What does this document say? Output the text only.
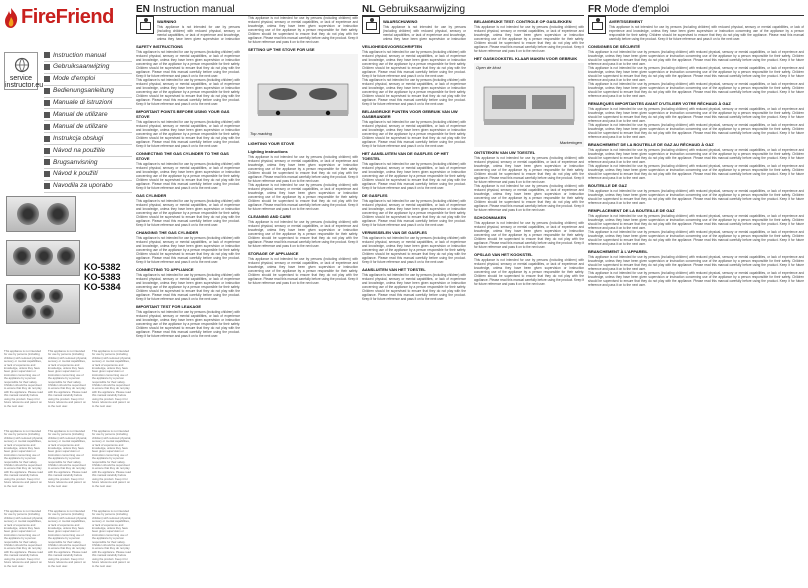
FireFriend
service instructor.eu
Instruction manual
Gebruiksaanwijzing
Mode d'emploi
Bedienungsanleitung
Manuale di istruzioni
Manual de utilizare
Manual de utilizare
Instrukcja obsługi
Návod na použitie
Brugsanvisning
Návod k použití
Navodila za uporabo
KO-5382
KO-5383
KO-5384
This appliance is not intended for use by persons (including children) with reduced physical, sensory or mental capabilities, or lack of experience and knowledge, unless they have been given supervision or instruction concerning use of the appliance by a person responsible for their safety. Children should be supervised to ensure that they do not play with the appliance. Please read this manual carefully before using the product. Keep it for future reference and pass it on to the next user.
This appliance is not intended for use by persons (including children) with reduced physical, sensory or mental capabilities, or lack of experience and knowledge, unless they have been given supervision or instruction concerning use of the appliance by a person responsible for their safety. Children should be supervised to ensure that they do not play with the appliance. Please read this manual carefully before using the product. Keep it for future reference and pass it on to the next user.
This appliance is not intended for use by persons (including children) with reduced physical, sensory or mental capabilities, or lack of experience and knowledge, unless they have been given supervision or instruction concerning use of the appliance by a person responsible for their safety. Children should be supervised to ensure that they do not play with the appliance. Please read this manual carefully before using the product. Keep it for future reference and pass it on to the next user.
This appliance is not intended for use by persons (including children) with reduced physical, sensory or mental capabilities, or lack of experience and knowledge, unless they have been given supervision or instruction concerning use of the appliance by a person responsible for their safety. Children should be supervised to ensure that they do not play with the appliance. Please read this manual carefully before using the product. Keep it for future reference and pass it on to the next user.
This appliance is not intended for use by persons (including children) with reduced physical, sensory or mental capabilities, or lack of experience and knowledge, unless they have been given supervision or instruction concerning use of the appliance by a person responsible for their safety. Children should be supervised to ensure that they do not play with the appliance. Please read this manual carefully before using the product. Keep it for future reference and pass it on to the next user.
This appliance is not intended for use by persons (including children) with reduced physical, sensory or mental capabilities, or lack of experience and knowledge, unless they have been given supervision or instruction concerning use of the appliance by a person responsible for their safety. Children should be supervised to ensure that they do not play with the appliance. Please read this manual carefully before using the product. Keep it for future reference and pass it on to the next user.
This appliance is not intended for use by persons (including children) with reduced physical, sensory or mental capabilities, or lack of experience and knowledge, unless they have been given supervision or instruction concerning use of the appliance by a person responsible for their safety. Children should be supervised to ensure that they do not play with the appliance. Please read this manual carefully before using the product. Keep it for future reference and pass it on to the next user.
This appliance is not intended for use by persons (including children) with reduced physical, sensory or mental capabilities, or lack of experience and knowledge, unless they have been given supervision or instruction concerning use of the appliance by a person responsible for their safety. Children should be supervised to ensure that they do not play with the appliance. Please read this manual carefully before using the product. Keep it for future reference and pass it on to the next user.
This appliance is not intended for use by persons (including children) with reduced physical, sensory or mental capabilities, or lack of experience and knowledge, unless they have been given supervision or instruction concerning use of the appliance by a person responsible for their safety. Children should be supervised to ensure that they do not play with the appliance. Please read this manual carefully before using the product. Keep it for future reference and pass it on to the next user.
EN Instruction manual
WARNING
This appliance is not intended for use by persons (including children) with reduced physical, sensory or mental capabilities, or lack of experience and knowledge, unless they have been given supervision or instruction
SAFETY INSTRUCTIONS
This appliance is not intended for use by persons (including children) with reduced physical, sensory or mental capabilities, or lack of experience and knowledge, unless they have been given supervision or instruction concerning use of the appliance by a person responsible for their safety. Children should be supervised to ensure that they do not play with the appliance. Please read this manual carefully before using the product. Keep it for future reference and pass it on to the next user.
This appliance is not intended for use by persons (including children) with reduced physical, sensory or mental capabilities, or lack of experience and knowledge, unless they have been given supervision or instruction concerning use of the appliance by a person responsible for their safety. Children should be supervised to ensure that they do not play with the appliance. Please read this manual carefully before using the product. Keep it for future reference and pass it on to the next user.
IMPORTANT POINTS BEFORE USING YOUR GAS STOVE
This appliance is not intended for use by persons (including children) with reduced physical, sensory or mental capabilities, or lack of experience and knowledge, unless they have been given supervision or instruction concerning use of the appliance by a person responsible for their safety. Children should be supervised to ensure that they do not play with the appliance. Please read this manual carefully before using the product. Keep it for future reference and pass it on to the next user.
CONNECTING THE GAS CYLINDER TO THE GAS STOVE
This appliance is not intended for use by persons (including children) with reduced physical, sensory or mental capabilities, or lack of experience and knowledge, unless they have been given supervision or instruction concerning use of the appliance by a person responsible for their safety. Children should be supervised to ensure that they do not play with the appliance. Please read this manual carefully before using the product. Keep it for future reference and pass it on to the next user.
GAS CYLINDER
This appliance is not intended for use by persons (including children) with reduced physical, sensory or mental capabilities, or lack of experience and knowledge, unless they have been given supervision or instruction concerning use of the appliance by a person responsible for their safety. Children should be supervised to ensure that they do not play with the appliance. Please read this manual carefully before using the product. Keep it for future reference and pass it on to the next user.
CHANGING THE GAS CYLINDER
This appliance is not intended for use by persons (including children) with reduced physical, sensory or mental capabilities, or lack of experience and knowledge, unless they have been given supervision or instruction concerning use of the appliance by a person responsible for their safety. Children should be supervised to ensure that they do not play with the appliance. Please read this manual carefully before using the product. Keep it for future reference and pass it on to the next user.
CONNECTING TO APPLIANCE
This appliance is not intended for use by persons (including children) with reduced physical, sensory or mental capabilities, or lack of experience and knowledge, unless they have been given supervision or instruction concerning use of the appliance by a person responsible for their safety. Children should be supervised to ensure that they do not play with the appliance. Please read this manual carefully before using the product. Keep it for future reference and pass it on to the next user.
IMPORTANT TEST FOR LEAKAGE
This appliance is not intended for use by persons (including children) with reduced physical, sensory or mental capabilities, or lack of experience and knowledge, unless they have been given supervision or instruction concerning use of the appliance by a person responsible for their safety. Children should be supervised to ensure that they do not play with the appliance. Please read this manual carefully before using the product. Keep it for future reference and pass it on to the next user.
This appliance is not intended for use by persons (including children) with reduced physical, sensory or mental capabilities, or lack of experience and knowledge, unless they have been given supervision or instruction concerning use of the appliance by a person responsible for their safety. Children should be supervised to ensure that they do not play with the appliance. Please read this manual carefully before using the product. Keep it for future reference and pass it on to the next user.
SETTING UP THE STOVE FOR USE
Top marking
LIGHTING YOUR STOVE
Lighting instructions
This appliance is not intended for use by persons (including children) with reduced physical, sensory or mental capabilities, or lack of experience and knowledge, unless they have been given supervision or instruction concerning use of the appliance by a person responsible for their safety. Children should be supervised to ensure that they do not play with the appliance. Please read this manual carefully before using the product. Keep it for future reference and pass it on to the next user.
This appliance is not intended for use by persons (including children) with reduced physical, sensory or mental capabilities, or lack of experience and knowledge, unless they have been given supervision or instruction concerning use of the appliance by a person responsible for their safety. Children should be supervised to ensure that they do not play with the appliance. Please read this manual carefully before using the product. Keep it for future reference and pass it on to the next user.
CLEANING AND CARE
This appliance is not intended for use by persons (including children) with reduced physical, sensory or mental capabilities, or lack of experience and knowledge, unless they have been given supervision or instruction concerning use of the appliance by a person responsible for their safety. Children should be supervised to ensure that they do not play with the appliance. Please read this manual carefully before using the product. Keep it for future reference and pass it on to the next user.
STORAGE OF APPLIANCE
This appliance is not intended for use by persons (including children) with reduced physical, sensory or mental capabilities, or lack of experience and knowledge, unless they have been given supervision or instruction concerning use of the appliance by a person responsible for their safety. Children should be supervised to ensure that they do not play with the appliance. Please read this manual carefully before using the product. Keep it for future reference and pass it on to the next user.
NL Gebruiksaanwijzing
WAARSCHUWING
This appliance is not intended for use by persons (including children) with reduced physical, sensory or mental capabilities, or lack of experience and knowledge, unless they have been given supervision or instruction
VEILIGHEIDSVOORSCHRIFTEN
This appliance is not intended for use by persons (including children) with reduced physical, sensory or mental capabilities, or lack of experience and knowledge, unless they have been given supervision or instruction concerning use of the appliance by a person responsible for their safety. Children should be supervised to ensure that they do not play with the appliance. Please read this manual carefully before using the product. Keep it for future reference and pass it on to the next user.
This appliance is not intended for use by persons (including children) with reduced physical, sensory or mental capabilities, or lack of experience and knowledge, unless they have been given supervision or instruction concerning use of the appliance by a person responsible for their safety. Children should be supervised to ensure that they do not play with the appliance. Please read this manual carefully before using the product. Keep it for future reference and pass it on to the next user.
BELANGRIJKE PUNTEN VOOR GEBRUIK VAN UW GASBRANDER
This appliance is not intended for use by persons (including children) with reduced physical, sensory or mental capabilities, or lack of experience and knowledge, unless they have been given supervision or instruction concerning use of the appliance by a person responsible for their safety. Children should be supervised to ensure that they do not play with the appliance. Please read this manual carefully before using the product. Keep it for future reference and pass it on to the next user.
HET AANSLUITEN VAN DE GASFLES OP HET TOESTEL
This appliance is not intended for use by persons (including children) with reduced physical, sensory or mental capabilities, or lack of experience and knowledge, unless they have been given supervision or instruction concerning use of the appliance by a person responsible for their safety. Children should be supervised to ensure that they do not play with the appliance. Please read this manual carefully before using the product. Keep it for future reference and pass it on to the next user.
DE GASFLES
This appliance is not intended for use by persons (including children) with reduced physical, sensory or mental capabilities, or lack of experience and knowledge, unless they have been given supervision or instruction concerning use of the appliance by a person responsible for their safety. Children should be supervised to ensure that they do not play with the appliance. Please read this manual carefully before using the product. Keep it for future reference and pass it on to the next user.
VERWISSELEN VAN DE GASFLES
This appliance is not intended for use by persons (including children) with reduced physical, sensory or mental capabilities, or lack of experience and knowledge, unless they have been given supervision or instruction concerning use of the appliance by a person responsible for their safety. Children should be supervised to ensure that they do not play with the appliance. Please read this manual carefully before using the product. Keep it for future reference and pass it on to the next user.
AANSLUITEN VAN HET TOESTEL
This appliance is not intended for use by persons (including children) with reduced physical, sensory or mental capabilities, or lack of experience and knowledge, unless they have been given supervision or instruction concerning use of the appliance by a person responsible for their safety. Children should be supervised to ensure that they do not play with the appliance. Please read this manual carefully before using the product. Keep it for future reference and pass it on to the next user.
BELANGRIJKE TEST: CONTROLE OP GASLEKKEN
This appliance is not intended for use by persons (including children) with reduced physical, sensory or mental capabilities, or lack of experience and knowledge, unless they have been given supervision or instruction concerning use of the appliance by a person responsible for their safety. Children should be supervised to ensure that they do not play with the appliance. Please read this manual carefully before using the product. Keep it for future reference and pass it on to the next user.
HET GASKOOKSTEL KLAAR MAKEN VOOR GEBRUIK
Open de klost
Markeringen
ONTSTEKEN VAN UW TOESTEL
This appliance is not intended for use by persons (including children) with reduced physical, sensory or mental capabilities, or lack of experience and knowledge, unless they have been given supervision or instruction concerning use of the appliance by a person responsible for their safety. Children should be supervised to ensure that they do not play with the appliance. Please read this manual carefully before using the product. Keep it for future reference and pass it on to the next user.
This appliance is not intended for use by persons (including children) with reduced physical, sensory or mental capabilities, or lack of experience and knowledge, unless they have been given supervision or instruction concerning use of the appliance by a person responsible for their safety. Children should be supervised to ensure that they do not play with the appliance. Please read this manual carefully before using the product. Keep it for future reference and pass it on to the next user.
SCHOONMAKEN
This appliance is not intended for use by persons (including children) with reduced physical, sensory or mental capabilities, or lack of experience and knowledge, unless they have been given supervision or instruction concerning use of the appliance by a person responsible for their safety. Children should be supervised to ensure that they do not play with the appliance. Please read this manual carefully before using the product. Keep it for future reference and pass it on to the next user.
OPSLAG VAN HET KOOKSTEL
This appliance is not intended for use by persons (including children) with reduced physical, sensory or mental capabilities, or lack of experience and knowledge, unless they have been given supervision or instruction concerning use of the appliance by a person responsible for their safety. Children should be supervised to ensure that they do not play with the appliance. Please read this manual carefully before using the product. Keep it for future reference and pass it on to the next user.
FR Mode d'emploi
AVERTISSEMENT
This appliance is not intended for use by persons (including children) with reduced physical, sensory or mental capabilities, or lack of experience and knowledge, unless they have been given supervision or instruction concerning use of the appliance by a person responsible for their safety. Children should be supervised to ensure that they do not play with the appliance. Please read this manual carefully before using the product. Keep it for future reference and pass it on to the next user.
CONSIGNES DE SÉCURITÉ
This appliance is not intended for use by persons (including children) with reduced physical, sensory or mental capabilities, or lack of experience and knowledge, unless they have been given supervision or instruction concerning use of the appliance by a person responsible for their safety. Children should be supervised to ensure that they do not play with the appliance. Please read this manual carefully before using the product. Keep it for future reference and pass it on to the next user.
This appliance is not intended for use by persons (including children) with reduced physical, sensory or mental capabilities, or lack of experience and knowledge, unless they have been given supervision or instruction concerning use of the appliance by a person responsible for their safety. Children should be supervised to ensure that they do not play with the appliance. Please read this manual carefully before using the product. Keep it for future reference and pass it on to the next user.
This appliance is not intended for use by persons (including children) with reduced physical, sensory or mental capabilities, or lack of experience and knowledge, unless they have been given supervision or instruction concerning use of the appliance by a person responsible for their safety. Children should be supervised to ensure that they do not play with the appliance. Please read this manual carefully before using the product. Keep it for future reference and pass it on to the next user.
REMARQUES IMPORTANTES AVANT D'UTILISER VOTRE RÉCHAUD À GAZ
This appliance is not intended for use by persons (including children) with reduced physical, sensory or mental capabilities, or lack of experience and knowledge, unless they have been given supervision or instruction concerning use of the appliance by a person responsible for their safety. Children should be supervised to ensure that they do not play with the appliance. Please read this manual carefully before using the product. Keep it for future reference and pass it on to the next user.
This appliance is not intended for use by persons (including children) with reduced physical, sensory or mental capabilities, or lack of experience and knowledge, unless they have been given supervision or instruction concerning use of the appliance by a person responsible for their safety. Children should be supervised to ensure that they do not play with the appliance. Please read this manual carefully before using the product. Keep it for future reference and pass it on to the next user.
BRANCHEMENT DE LA BOUTEILLE DE GAZ AU RÉCHAUD À GAZ
This appliance is not intended for use by persons (including children) with reduced physical, sensory or mental capabilities, or lack of experience and knowledge, unless they have been given supervision or instruction concerning use of the appliance by a person responsible for their safety. Children should be supervised to ensure that they do not play with the appliance. Please read this manual carefully before using the product. Keep it for future reference and pass it on to the next user.
This appliance is not intended for use by persons (including children) with reduced physical, sensory or mental capabilities, or lack of experience and knowledge, unless they have been given supervision or instruction concerning use of the appliance by a person responsible for their safety. Children should be supervised to ensure that they do not play with the appliance. Please read this manual carefully before using the product. Keep it for future reference and pass it on to the next user.
BOUTEILLE DE GAZ
This appliance is not intended for use by persons (including children) with reduced physical, sensory or mental capabilities, or lack of experience and knowledge, unless they have been given supervision or instruction concerning use of the appliance by a person responsible for their safety. Children should be supervised to ensure that they do not play with the appliance. Please read this manual carefully before using the product. Keep it for future reference and pass it on to the next user.
REMPLACEMENT DE LA BOUTEILLE DE GAZ
This appliance is not intended for use by persons (including children) with reduced physical, sensory or mental capabilities, or lack of experience and knowledge, unless they have been given supervision or instruction concerning use of the appliance by a person responsible for their safety. Children should be supervised to ensure that they do not play with the appliance. Please read this manual carefully before using the product. Keep it for future reference and pass it on to the next user.
This appliance is not intended for use by persons (including children) with reduced physical, sensory or mental capabilities, or lack of experience and knowledge, unless they have been given supervision or instruction concerning use of the appliance by a person responsible for their safety. Children should be supervised to ensure that they do not play with the appliance. Please read this manual carefully before using the product. Keep it for future reference and pass it on to the next user.
BRANCHEMENT À L'APPAREIL
This appliance is not intended for use by persons (including children) with reduced physical, sensory or mental capabilities, or lack of experience and knowledge, unless they have been given supervision or instruction concerning use of the appliance by a person responsible for their safety. Children should be supervised to ensure that they do not play with the appliance. Please read this manual carefully before using the product. Keep it for future reference and pass it on to the next user.
This appliance is not intended for use by persons (including children) with reduced physical, sensory or mental capabilities, or lack of experience and knowledge, unless they have been given supervision or instruction concerning use of the appliance by a person responsible for their safety. Children should be supervised to ensure that they do not play with the appliance. Please read this manual carefully before using the product. Keep it for future reference and pass it on to the next user.
